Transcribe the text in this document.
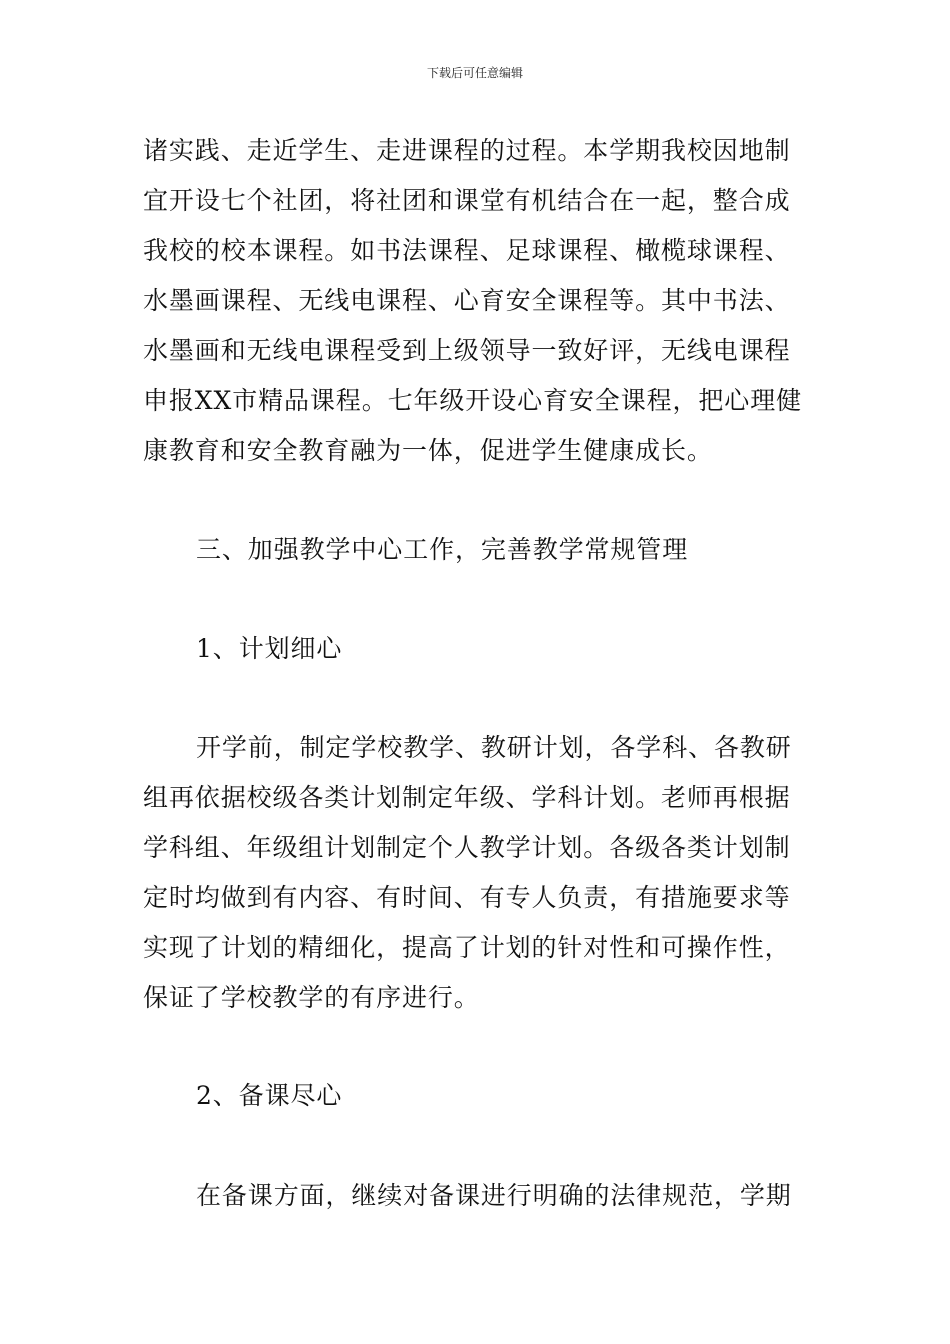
下载后可任意编辑
诸实践、走近学生、走进课程的过程。本学期我校因地制
宜开设七个社团，将社团和课堂有机结合在一起，整合成
我校的校本课程。如书法课程、足球课程、橄榄球课程、
水墨画课程、无线电课程、心育安全课程等。其中书法、
水墨画和无线电课程受到上级领导一致好评，无线电课程
申报XX市精品课程。七年级开设心育安全课程，把心理健
康教育和安全教育融为一体，促进学生健康成长。
三、加强教学中心工作，完善教学常规管理
1、计划细心
开学前，制定学校教学、教研计划，各学科、各教研
组再依据校级各类计划制定年级、学科计划。老师再根据
学科组、年级组计划制定个人教学计划。各级各类计划制
定时均做到有内容、有时间、有专人负责，有措施要求等
实现了计划的精细化，提高了计划的针对性和可操作性，
保证了学校教学的有序进行。
2、备课尽心
在备课方面，继续对备课进行明确的法律规范，学期
